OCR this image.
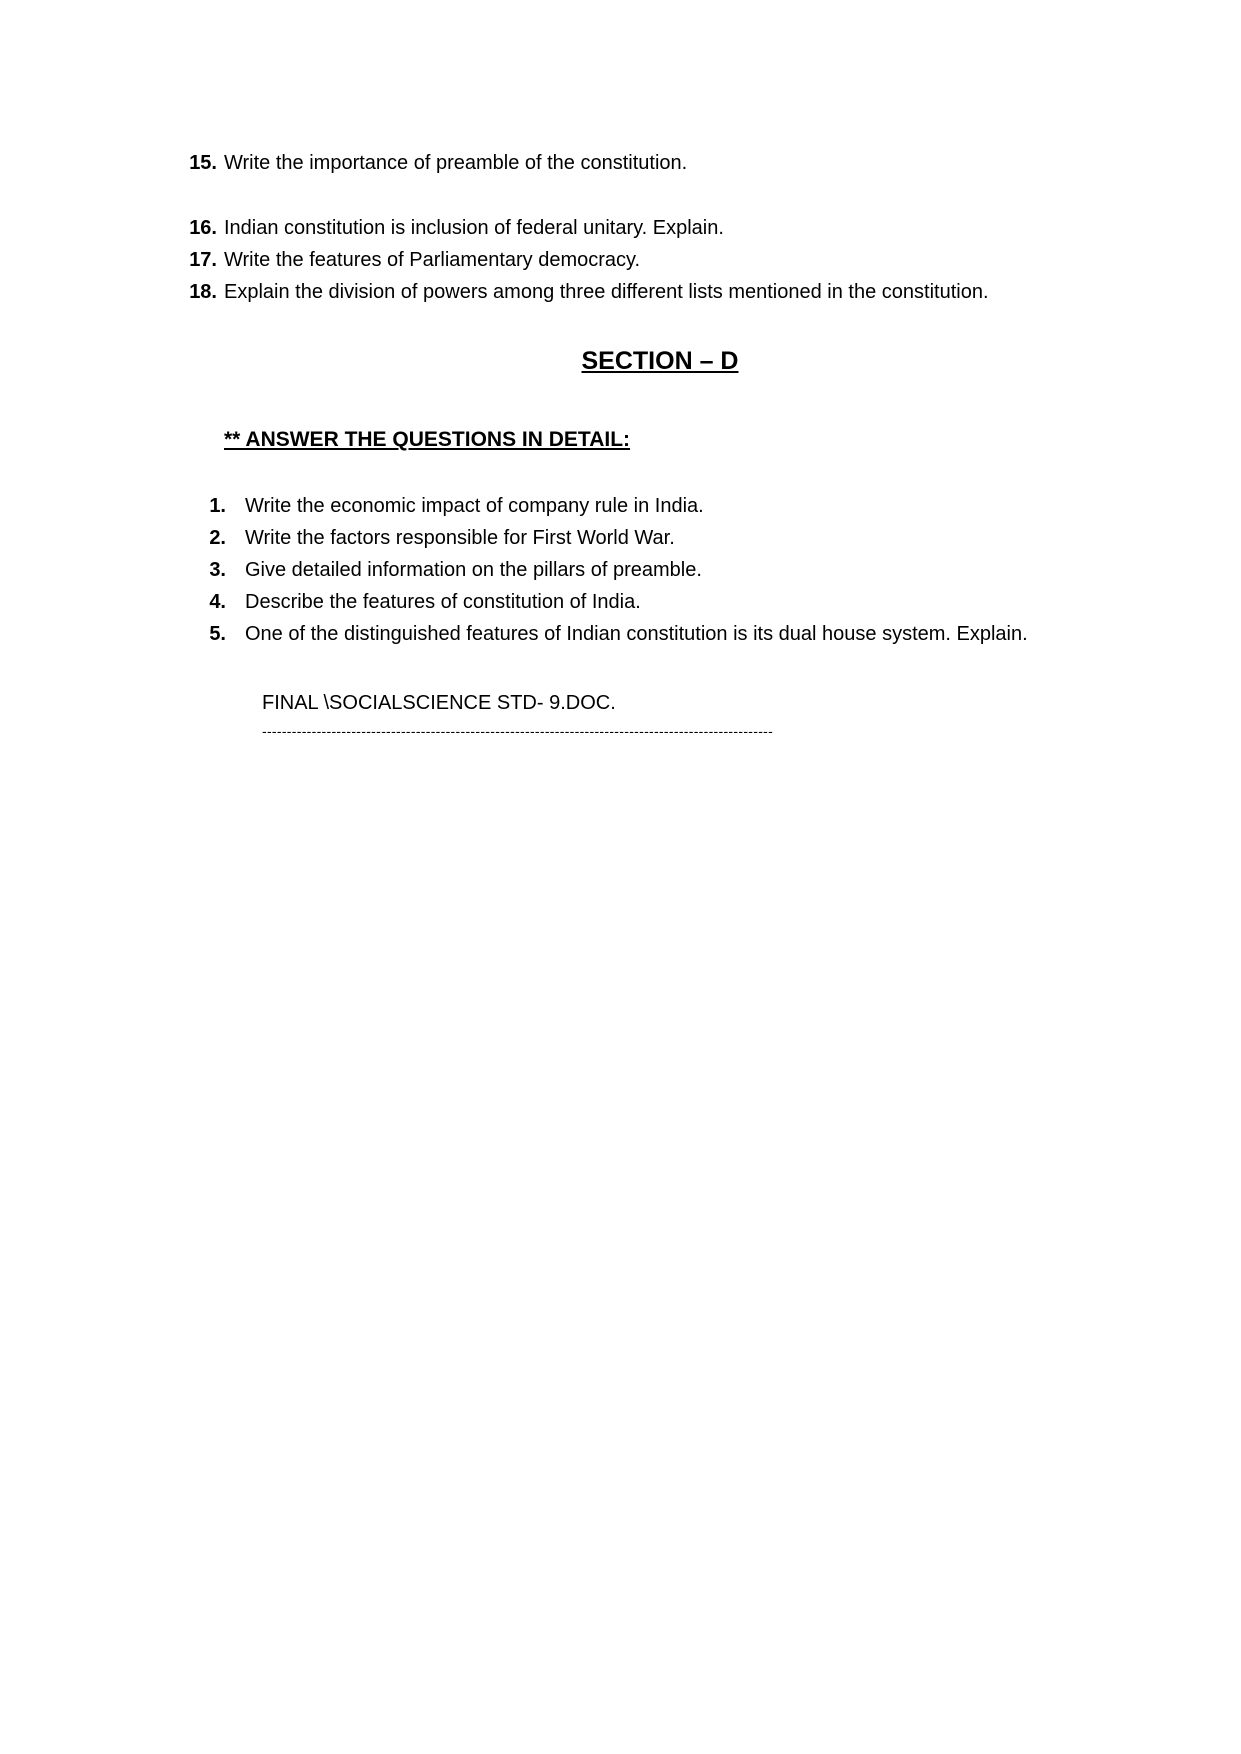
15. Write the importance of preamble of the constitution.
16. Indian constitution is inclusion of federal unitary. Explain.
17. Write the features of Parliamentary democracy.
18. Explain the division of powers among three different lists mentioned in the constitution.
SECTION – D
** ANSWER THE QUESTIONS IN DETAIL:
1. Write the economic impact of company rule in India.
2. Write the factors responsible for First World War.
3. Give detailed information on the pillars of preamble.
4. Describe the features of constitution of India.
5. One of the distinguished features of Indian constitution is its dual house system. Explain.
FINAL \SOCIALSCIENCE STD- 9.DOC.
-------------------------------------------------------------------------------------------------------
